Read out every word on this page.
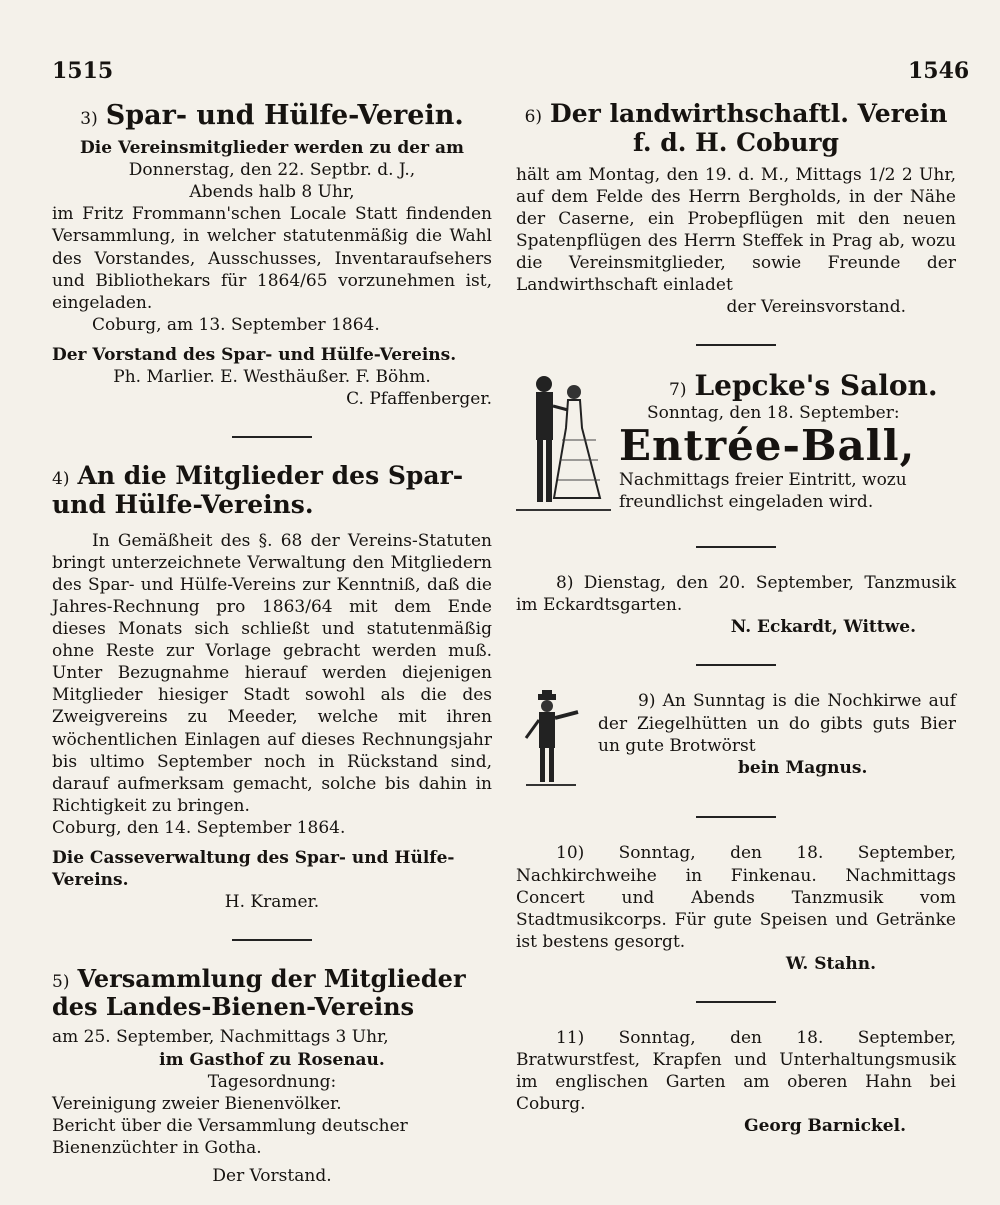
1515	1546
3) Spar- und Hülfe-Verein.

Die Vereinsmitglieder werden zu der am

Donnerstag, den 22. Septbr. d. J.,

Abends halb 8 Uhr,

im Fritz Frommann'schen Locale Statt findenden Versammlung, in welcher statutenmäßig die Wahl des Vorstandes, Ausschusses, Inventaraufsehers und Bibliothekars für 1864/65 vorzunehmen ist, eingeladen.

Coburg, am 13. September 1864.

Der Vorstand des Spar- und Hülfe-Vereins.

Ph. Marlier. E. Westhäußer. F. Böhm.

C. Pfaffenberger.

4) An die Mitglieder des Spar- und Hülfe-Vereins.

In Gemäßheit des §. 68 der Vereins-Statuten bringt unterzeichnete Verwaltung den Mitgliedern des Spar- und Hülfe-Vereins zur Kenntniß, daß die Jahres-Rechnung pro 1863/64 mit dem Ende dieses Monats sich schließt und statutenmäßig ohne Reste zur Vorlage gebracht werden muß. Unter Bezugnahme hierauf werden diejenigen Mitglieder hiesiger Stadt sowohl als die des Zweigvereins zu Meeder, welche mit ihren wöchentlichen Einlagen auf dieses Rechnungsjahr bis ultimo September noch in Rückstand sind, darauf aufmerksam gemacht, solche bis dahin in Richtigkeit zu bringen.

Coburg, den 14. September 1864.

Die Casseverwaltung des Spar- und Hülfe-Vereins.

H. Kramer.

5) Versammlung der Mitglieder des Landes-Bienen-Vereins

am 25. September, Nachmittags 3 Uhr,

im Gasthof zu Rosenau.

Tagesordnung:

Vereinigung zweier Bienenvölker.

Bericht über die Versammlung deutscher Bienenzüchter in Gotha.

Der Vorstand.

6) Der landwirthschaftl. Verein f. d. H. Coburg

hält am Montag, den 19. d. M., Mittags 1/2 2 Uhr, auf dem Felde des Herrn Bergholds, in der Nähe der Caserne, ein Probepflügen mit den neuen Spatenpflügen des Herrn Steffek in Prag ab, wozu die Vereinsmitglieder, sowie Freunde der Landwirthschaft einladet

der Vereinsvorstand.

7) Lepcke's Salon.

Sonntag, den 18. September:

Entrée-Ball,

Nachmittags freier Eintritt, wozu freundlichst eingeladen wird.

8) Dienstag, den 20. September, Tanzmusik im Eckardtsgarten.

N. Eckardt, Wittwe.

9) An Sunntag is die Nochkirwe auf der Ziegelhütten un do gibts guts Bier un gute Brotwörst

bein Magnus.

10) Sonntag, den 18. September, Nachkirchweihe in Finkenau. Nachmittags Concert und Abends Tanzmusik vom Stadtmusikcorps. Für gute Speisen und Getränke ist bestens gesorgt.

W. Stahn.

11) Sonntag, den 18. September, Bratwurstfest, Krapfen und Unterhaltungsmusik im englischen Garten am oberen Hahn bei Coburg.

Georg Barnickel.
